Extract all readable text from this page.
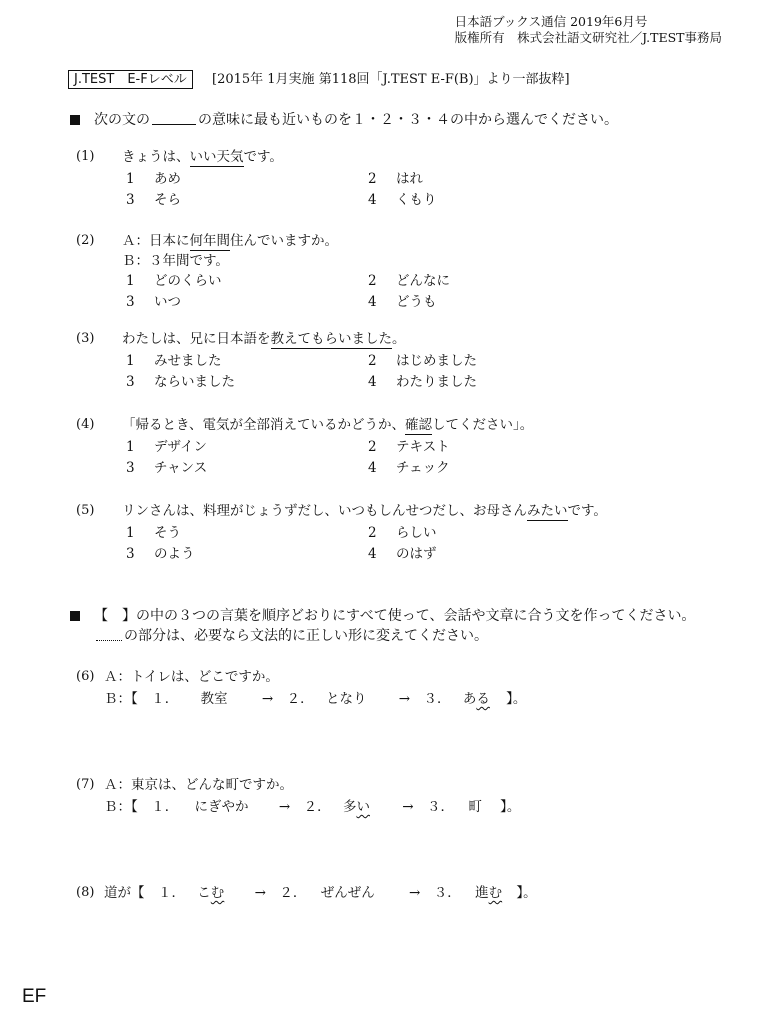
日本語ブックス通信 2019年6月号
版権所有　株式会社語文研究社／J.TEST事務局
J.TEST　E-Fレベル	[2015年 1月実施 第118回「J.TEST E-F(B)」より一部抜粋]
次の文の	の意味に最も近いものを１・２・３・４の中から選んでください。
(1) きょうは、いい天気です。
1 あめ	2 はれ
3 そら	4 くもり
(2) Ａ：日本に何年間住んでいますか。
Ｂ：３年間です。
1 どのくらい	2 どんなに
3 いつ	4 どうも
(3) わたしは、兄に日本語を教えてもらいました。
1 みせました	2 はじめました
3 ならいました	4 わたりました
(4) 「帰るとき、電気が全部消えているかどうか、確認してください」。
1 デザイン	2 テキスト
3 チャンス	4 チェック
(5) リンさんは、料理がじょうずだし、いつもしんせつだし、お母さんみたいです。
1 そう	2 らしい
3 のよう	4 のはず
【　】の中の３つの言葉を順序どおりにすべて使って、会話や文章に合う文を作ってください。
の部分は、必要なら文法的に正しい形に変えてください。
(6) Ａ：トイレは、どこですか。
Ｂ：【　１． 教室	→　２． となり →　３． ある 】。
(7) Ａ：東京は、どんな町ですか。
Ｂ：【　１． にぎやか →　２． 多い →　３． 町 】。
(8) 道が【　１． こむ →　２． ぜんぜん	→　３． 進む 】。
EF
